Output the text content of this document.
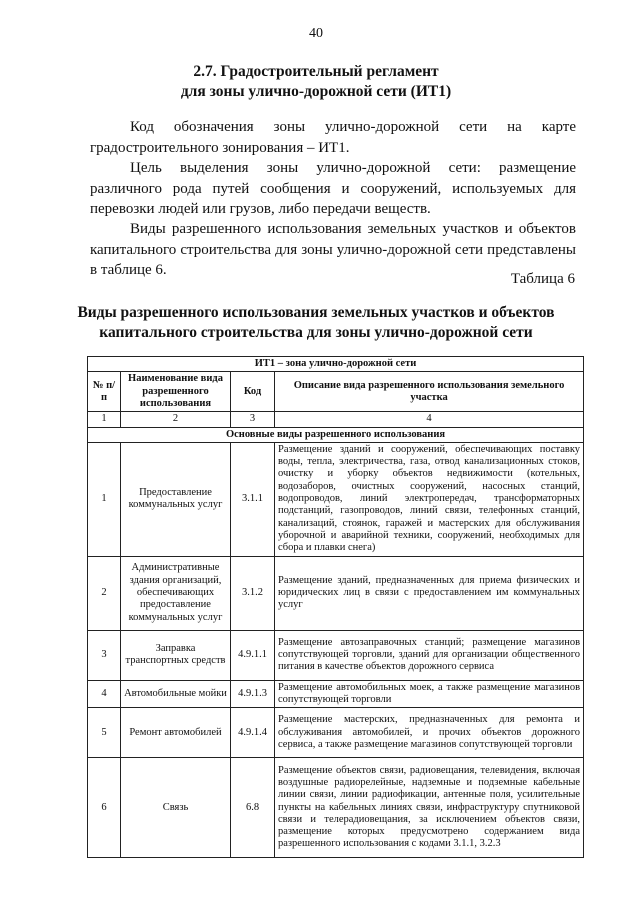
40
2.7. Градостроительный регламент
для зоны улично-дорожной сети (ИТ1)
Код обозначения зоны улично-дорожной сети на карте
градостроительного зонирования – ИТ1.
Цель выделения зоны улично-дорожной сети: размещение различного рода путей сообщения и сооружений, используемых для перевозки людей или грузов, либо передачи веществ.
Виды разрешенного использования земельных участков и объектов капитального строительства для зоны улично-дорожной сети представлены в таблице 6.
Таблица 6
Виды разрешенного использования земельных участков и объектов
капитального строительства для зоны улично-дорожной сети
ИТ1 – зона улично-дорожной сети			
№ п/п	Наименование вида разрешенного использования	Код	Описание вида разрешенного использования земельного участка
1	2	3	4
Основные виды разрешенного использования			
1	Предоставление коммунальных услуг	3.1.1	Размещение зданий и сооружений, обеспечивающих поставку воды, тепла, электричества, газа, отвод канализационных стоков, очистку и уборку объектов недвижимости (котельных, водозаборов, очистных сооружений, насосных станций, водопроводов, линий электропередач, трансформаторных подстанций, газопроводов, линий связи, телефонных станций, канализаций, стоянок, гаражей и мастерских для обслуживания уборочной и аварийной техники, сооружений, необходимых для сбора и плавки снега)
2	Административные здания организаций, обеспечивающих предоставление коммунальных услуг	3.1.2	Размещение зданий, предназначенных для приема физических и юридических лиц в связи с предоставлением им коммунальных услуг
3	Заправка транспортных средств	4.9.1.1	Размещение автозаправочных станций; размещение магазинов сопутствующей торговли, зданий для организации общественного питания в качестве объектов дорожного сервиса
4	Автомобильные мойки	4.9.1.3	Размещение автомобильных моек, а также размещение магазинов сопутствующей торговли
5	Ремонт автомобилей	4.9.1.4	Размещение мастерских, предназначенных для ремонта и обслуживания автомобилей, и прочих объектов дорожного сервиса, а также размещение магазинов сопутствующей торговли
6	Связь	6.8	Размещение объектов связи, радиовещания, телевидения, включая воздушные радиорелейные, надземные и подземные кабельные линии связи, линии радиофикации, антенные поля, усилительные пункты на кабельных линиях связи, инфраструктуру спутниковой связи и телерадиовещания, за исключением объектов связи, размещение которых предусмотрено содержанием вида разрешенного использования с кодами 3.1.1, 3.2.3
